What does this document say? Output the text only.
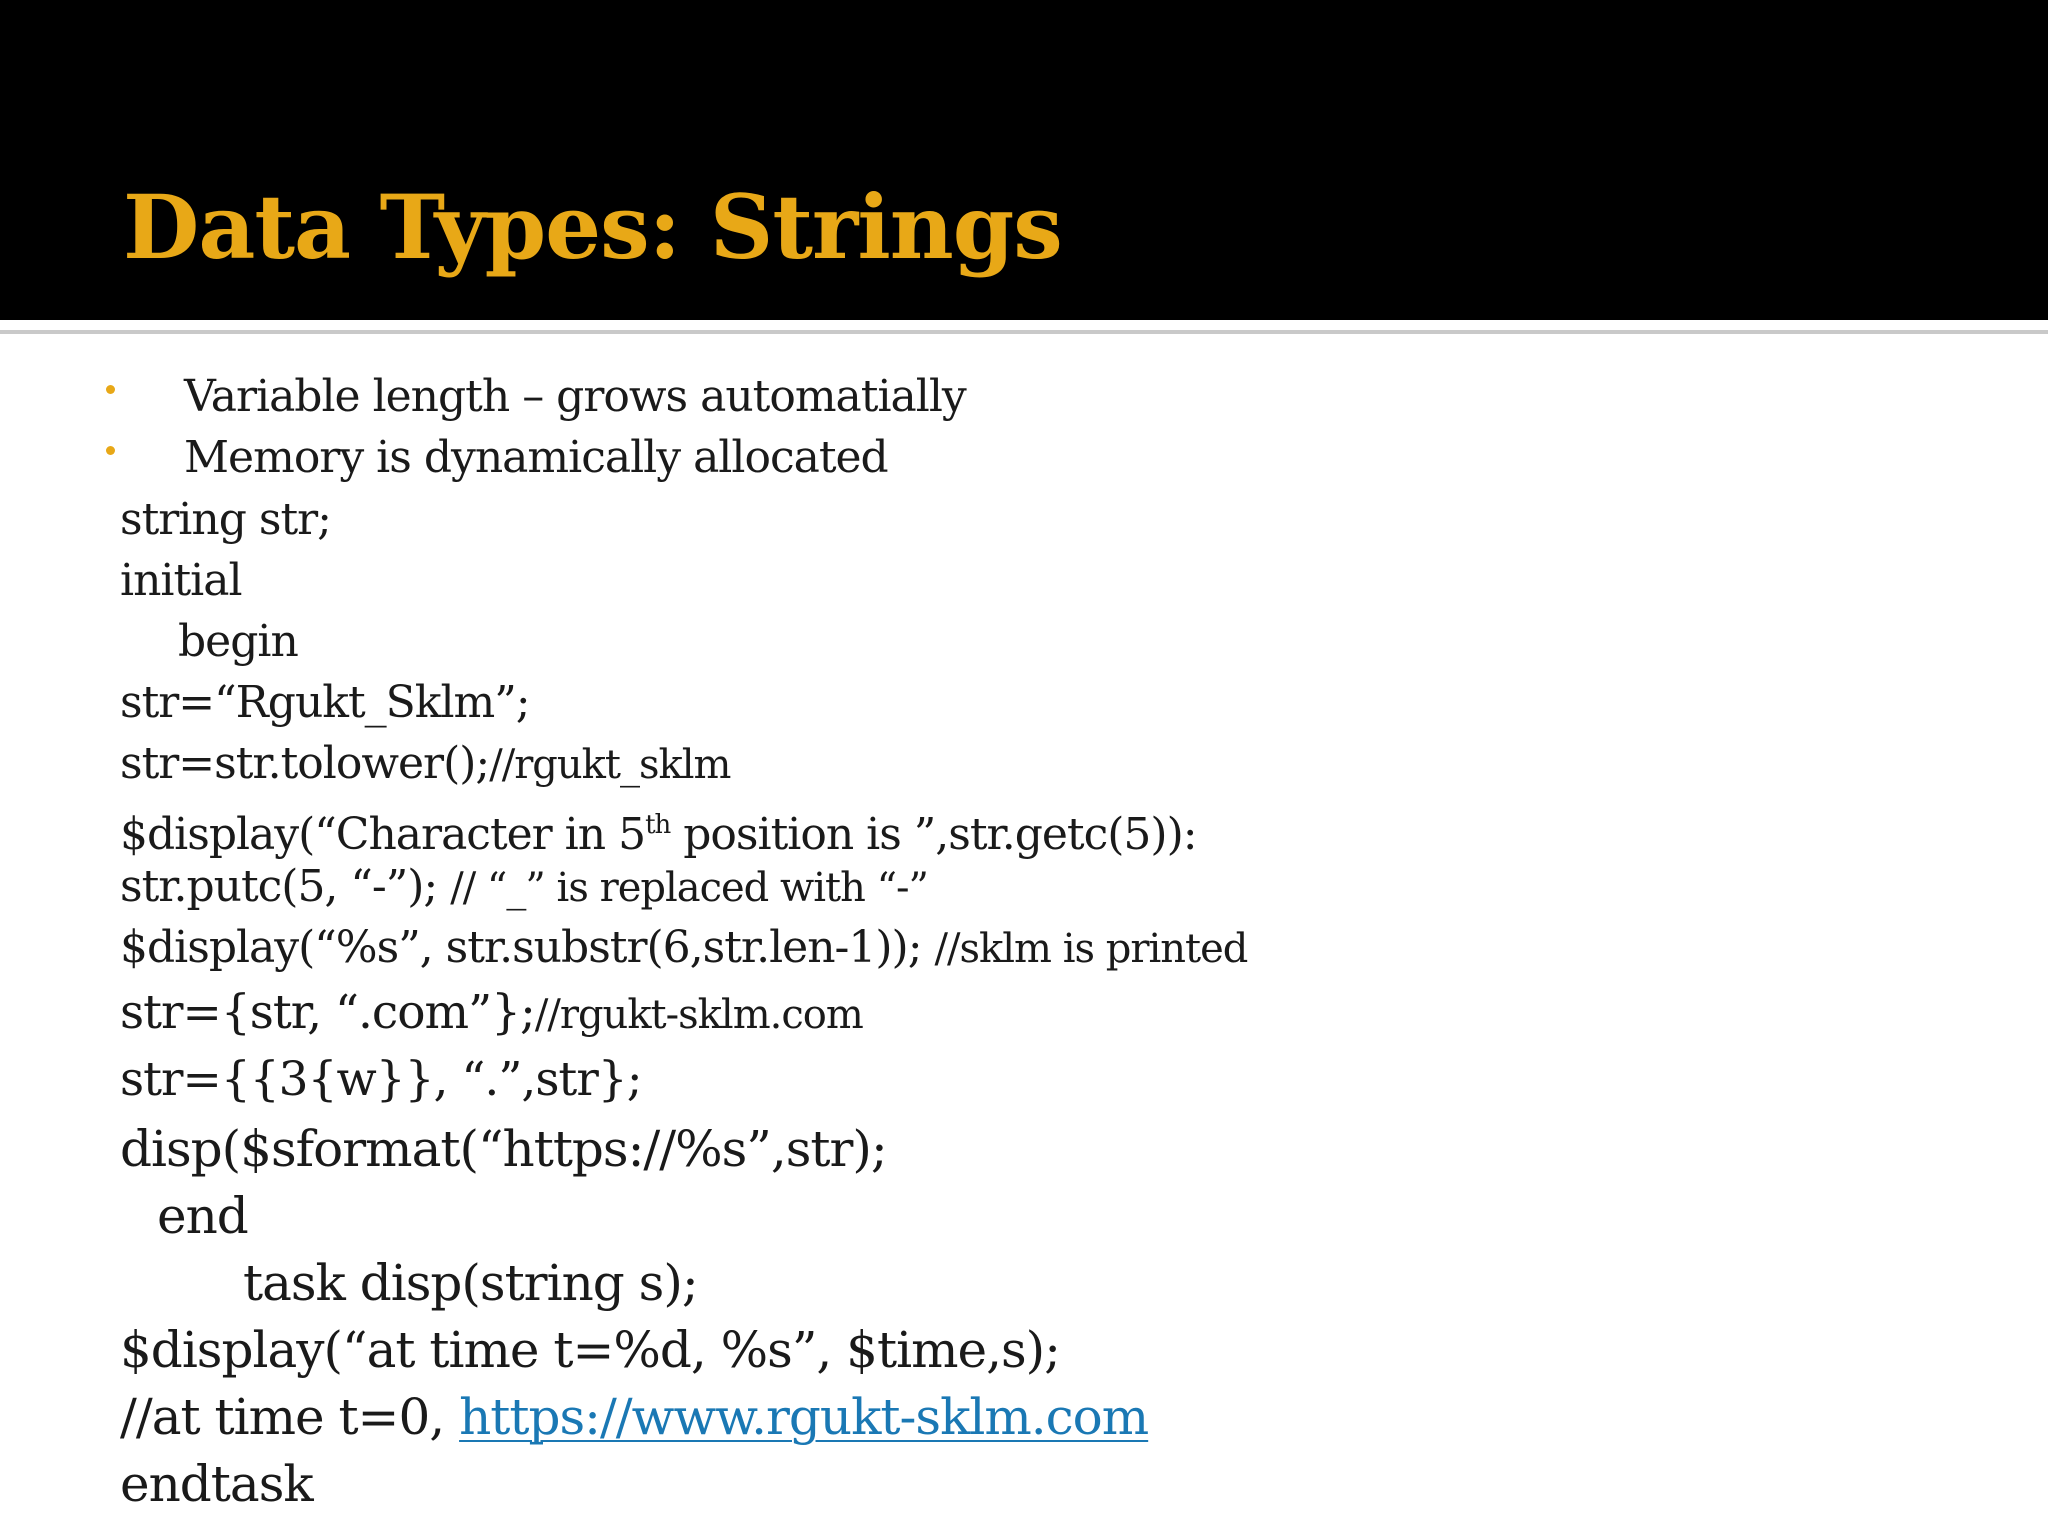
Data Types: Strings
Variable length – grows automatially
Memory is dynamically allocated
string str;
initial
begin
str=“Rgukt_Sklm”;
str=str.tolower();//rgukt_sklm
$display(“Character in 5th position is ”,str.getc(5)):
str.putc(5, “-”); // “_” is replaced with “-”
$display(“%s”, str.substr(6,str.len-1)); //sklm is printed
str={str, “.com”};//rgukt-sklm.com
str={{3{w}}, “.”,str};
disp($sformat(“https://%s”,str);
end
task disp(string s);
$display(“at time t=%d, %s”, $time,s);
//at time t=0, https://www.rgukt-sklm.com
endtask
